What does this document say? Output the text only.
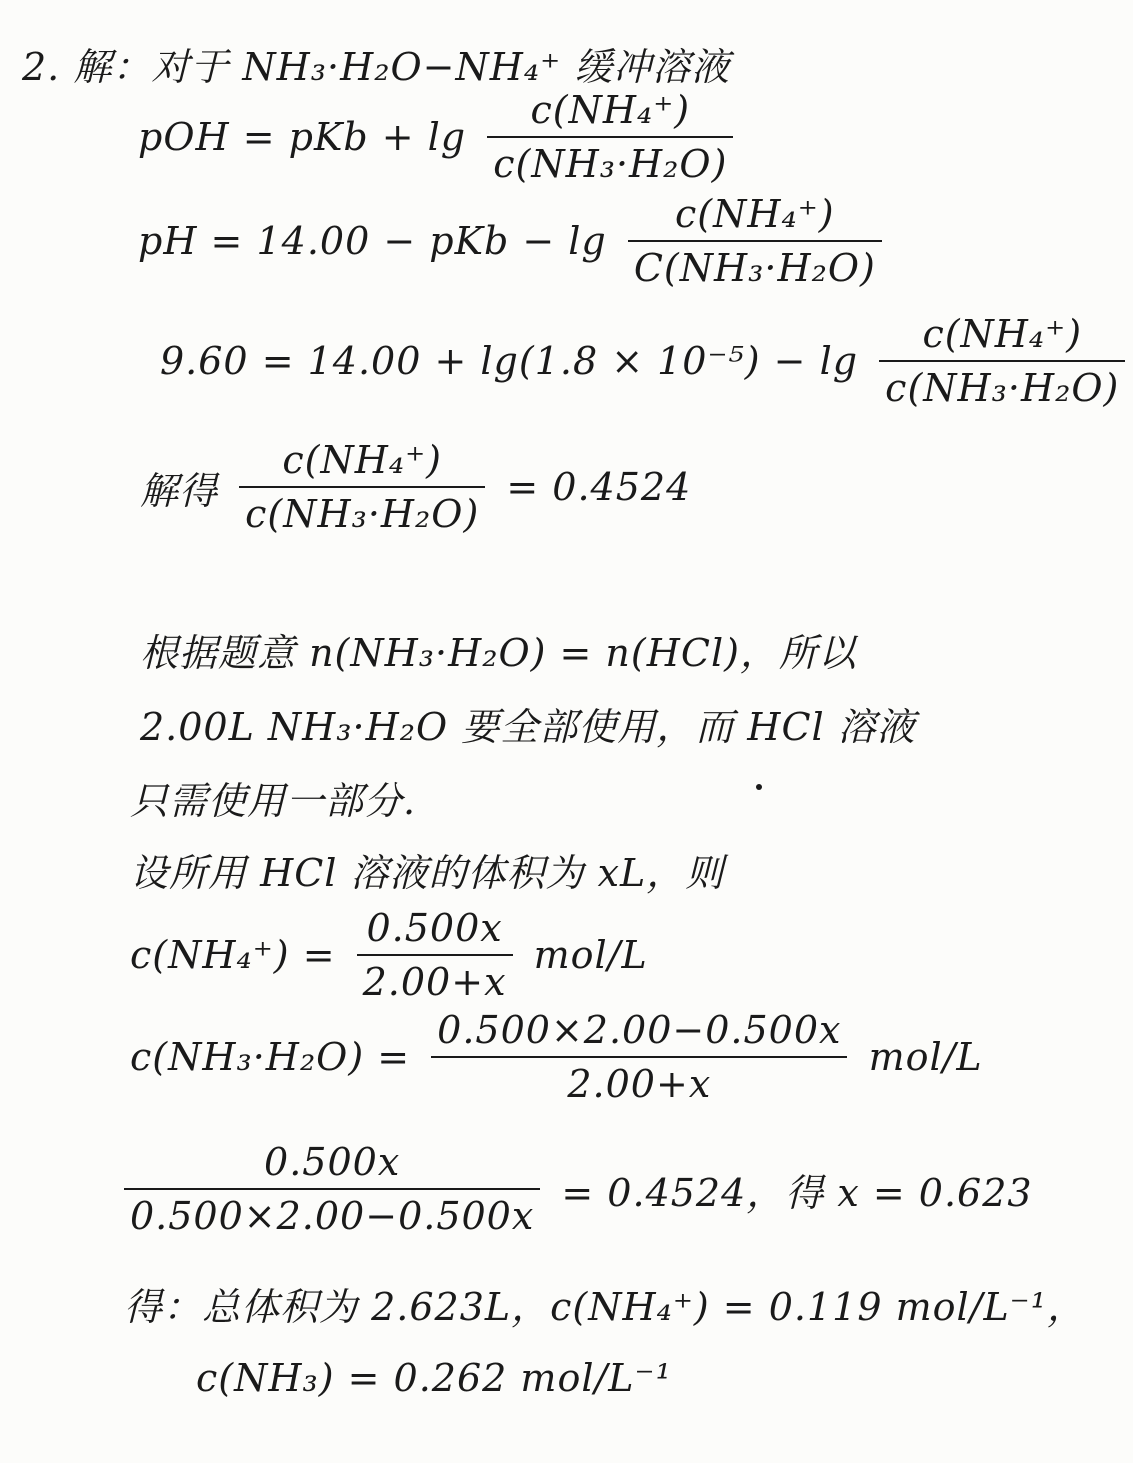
2. 解：对于 NH₃·H₂O−NH₄⁺ 缓冲溶液
pOH = pKb + $\lg \frac{\text{c(NH₄⁺)}}{\text{c(NH₃·H₂O)}}$
pH = 14.00 − pKb − $\lg \frac{\text{c(NH₄⁺)}}{\text{C(NH₃·H₂O)}}$
$9.60 = 14.00 + \lg(1.8 \times 10^{-5}) - \lg \frac{\text{c(NH₄⁺)}}{\text{c(NH₃·H₂O)}}$
解得 $\frac{\text{c(NH₄⁺)}}{\text{c(NH₃·H₂O)}} = 0.4524$
根据题意 n(NH₃·H₂O) = n(HCl)，所以
2.00L NH₃·H₂O 要全部使用，而 HCl 溶液
只需使用一部分.
设所用 HCl 溶液的体积为 xL，则
$c(NH_4^+) = \frac{0.500x}{2.00+x} mol/L$
$c(NH_3\cdot H_2O) = \frac{0.500\times 2.00-0.500x}{2.00+x} mol/L$
$\frac{0.500x}{0.500\times 2.00-0.500x} = 0.4524$，得 x = 0.623
得：总体积为 2.623L，c(NH₄⁺) = 0.119 mol/L⁻¹，
c(NH₃) = 0.262 mol/L⁻¹
